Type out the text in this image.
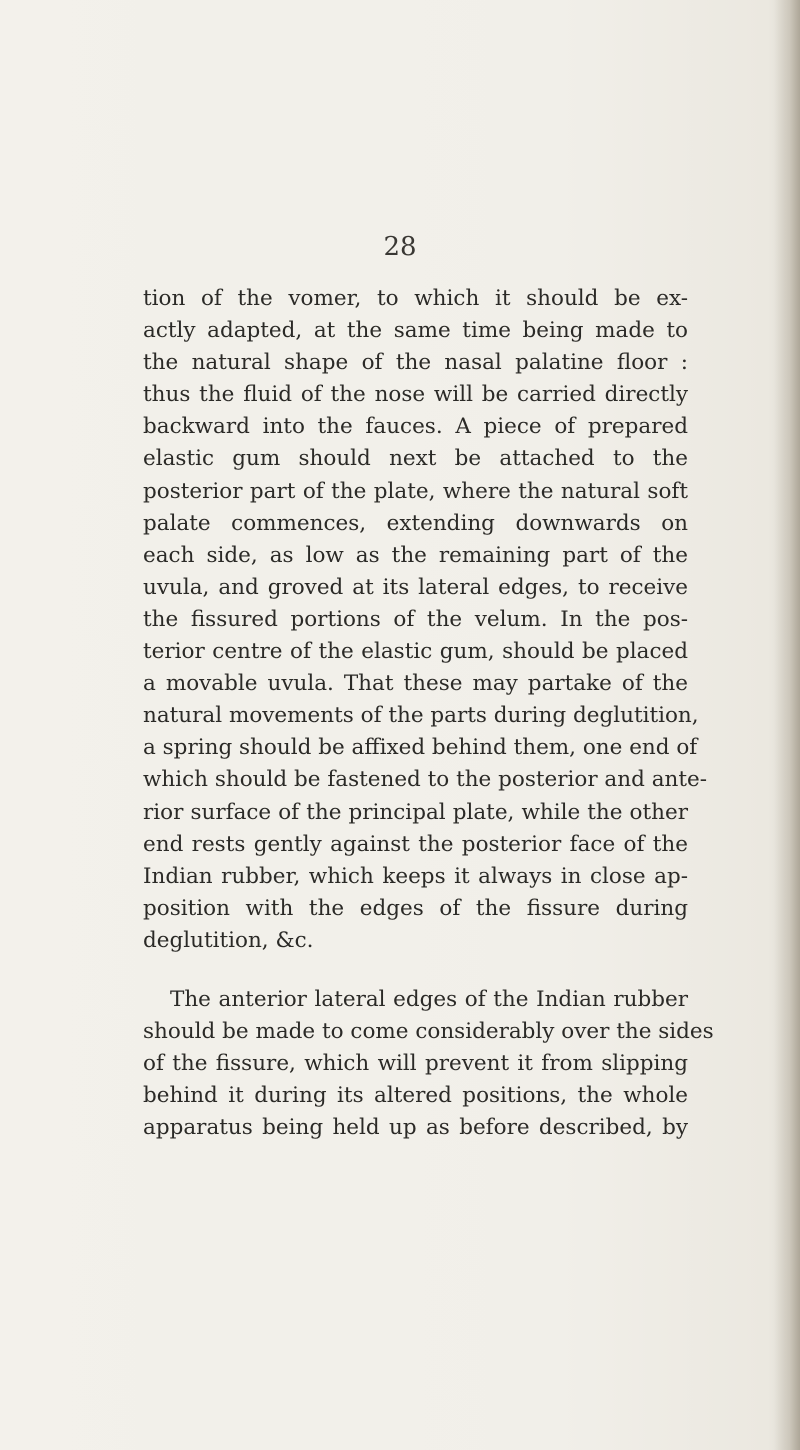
28
tion of the vomer, to which it should be ex-
actly adapted, at the same time being made to
the natural shape of the nasal palatine floor :
thus the fluid of the nose will be carried directly
backward into the fauces. A piece of prepared
elastic gum should next be attached to the
posterior part of the plate, where the natural soft
palate commences, extending downwards on
each side, as low as the remaining part of the
uvula, and groved at its lateral edges, to receive
the fissured portions of the velum. In the pos-
terior centre of the elastic gum, should be placed
a movable uvula. That these may partake of the
natural movements of the parts during deglutition,
a spring should be affixed behind them, one end of
which should be fastened to the posterior and ante-
rior surface of the principal plate, while the other
end rests gently against the posterior face of the
Indian rubber, which keeps it always in close ap-
position with the edges of the fissure during
deglutition, &c.
The anterior lateral edges of the Indian rubber
should be made to come considerably over the sides
of the fissure, which will prevent it from slipping
behind it during its altered positions, the whole
apparatus being held up as before described, by
